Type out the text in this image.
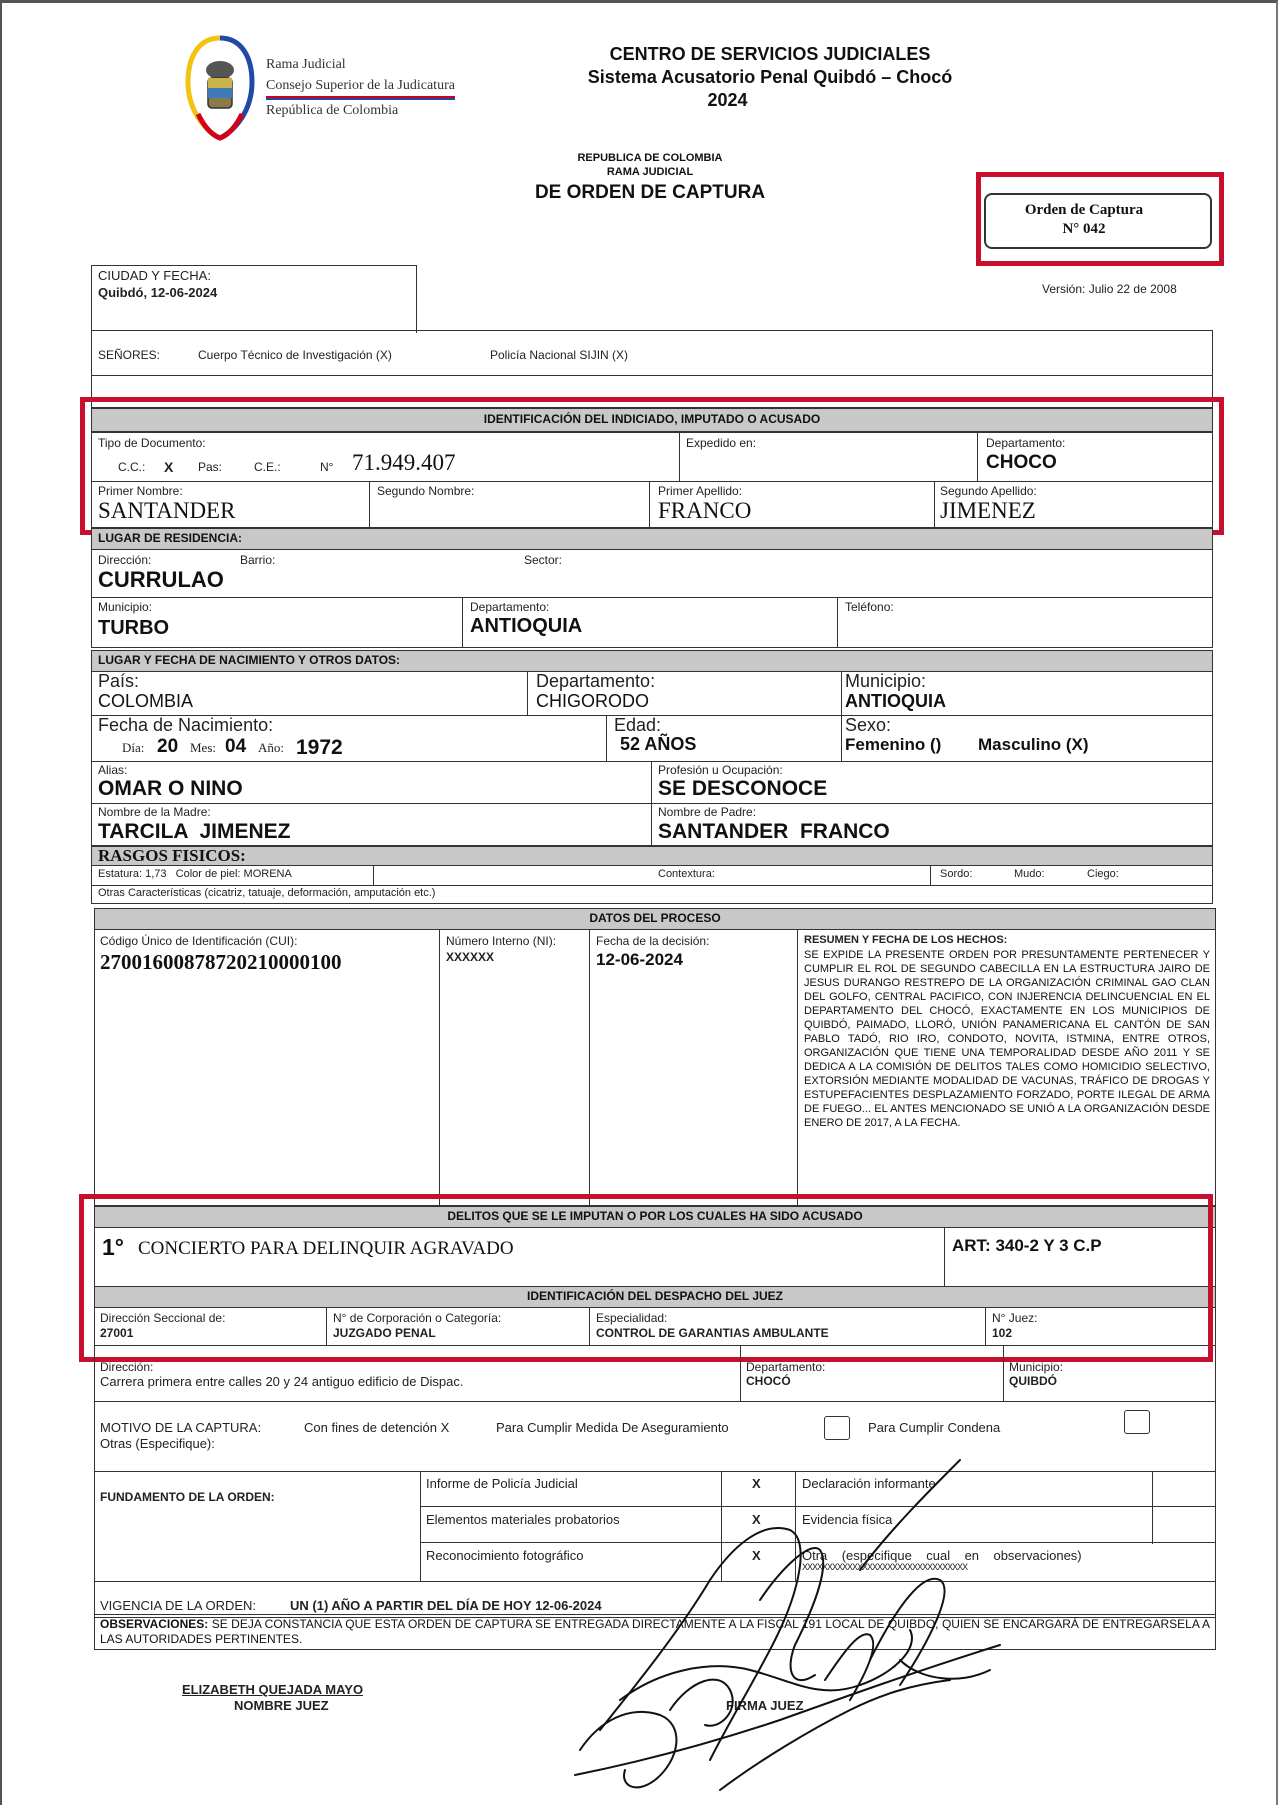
Rama Judicial
Consejo Superior de la Judicatura
República de Colombia
CENTRO DE SERVICIOS JUDICIALES
Sistema Acusatorio Penal Quibdó – Chocó
2024
REPUBLICA DE COLOMBIA
RAMA JUDICIAL
DE ORDEN DE CAPTURA
Orden de Captura
N° 042
Versión: Julio 22 de 2008
CIUDAD Y FECHA:
Quibdó, 12-06-2024
SEÑORES:	Cuerpo Técnico de Investigación (X)	Policía Nacional SIJIN (X)
IDENTIFICACIÓN DEL INDICIADO, IMPUTADO O ACUSADO
Tipo de Documento:
C.C.: X Pas:	C.E.:	N° 71.949.407
Expedido en:	Departamento:
CHOCO
Primer Nombre:
SANTANDER
Segundo Nombre:	Primer Apellido:
FRANCO
Segundo Apellido:
JIMENEZ
LUGAR DE RESIDENCIA:
Dirección:	Barrio:	Sector:
CURRULAO
Municipio:
TURBO
Departamento:
ANTIOQUIA
Teléfono:
LUGAR Y FECHA DE NACIMIENTO Y OTROS DATOS:
País:
COLOMBIA
Departamento:
CHIGORODO
Municipio:
ANTIOQUIA
Fecha de Nacimiento:
Día: 20 Mes: 04 Año: 1972
Edad:
52 AÑOS
Sexo:
Femenino () Masculino (X)
Alias:
OMAR O NINO
Profesión u Ocupación:
SE DESCONOCE
Nombre de la Madre:
TARCILA  JIMENEZ
Nombre de Padre:
SANTANDER  FRANCO
RASGOS FISICOS:
Estatura: 1,73   Color de piel: MORENA	Contextura:	Sordo:	Mudo:	Ciego:
Otras Características (cicatriz, tatuaje, deformación, amputación etc.)
DATOS DEL PROCESO
Código Único de Identificación (CUI):
27001600878720210000100
Número Interno (NI):
XXXXXX
Fecha de la decisión:
12-06-2024
RESUMEN Y FECHA DE LOS HECHOS:
SE EXPIDE LA PRESENTE ORDEN POR PRESUNTAMENTE PERTENECER Y CUMPLIR EL ROL DE SEGUNDO CABECILLA EN LA ESTRUCTURA JAIRO DE JESUS DURANGO RESTREPO DE LA ORGANIZACIÓN CRIMINAL GAO CLAN DEL GOLFO, CENTRAL PACIFICO, CON INJERENCIA DELINCUENCIAL EN EL DEPARTAMENTO DEL CHOCÓ, EXACTAMENTE EN LOS MUNICIPIOS DE QUIBDÓ, PAIMADO, LLORÓ, UNIÓN PANAMERICANA EL CANTÓN DE SAN PABLO TADÓ, RIO IRO, CONDOTO, NOVITA, ISTMINA, ENTRE OTROS, ORGANIZACIÓN QUE TIENE UNA TEMPORALIDAD DESDE AÑO 2011 Y SE DEDICA A LA COMISIÓN DE DELITOS TALES COMO HOMICIDIO SELECTIVO, EXTORSIÓN MEDIANTE MODALIDAD DE VACUNAS, TRÁFICO DE DROGAS Y ESTUPEFACIENTES DESPLAZAMIENTO FORZADO, PORTE ILEGAL DE ARMA DE FUEGO... EL ANTES MENCIONADO SE UNIÓ A LA ORGANIZACIÓN DESDE ENERO DE 2017, A LA FECHA.
DELITOS QUE SE LE IMPUTAN O POR LOS CUALES HA SIDO ACUSADO
1° CONCIERTO PARA DELINQUIR AGRAVADO	ART: 340-2 Y 3 C.P
IDENTIFICACIÓN DEL DESPACHO DEL JUEZ
Dirección Seccional de:
27001
N° de Corporación o Categoría:
JUZGADO PENAL
Especialidad:
CONTROL DE GARANTIAS AMBULANTE
N° Juez:
102
Dirección:
Carrera primera entre calles 20 y 24 antiguo edificio de Dispac.
Departamento:
CHOCÓ
Municipio:
QUIBDÓ
MOTIVO DE LA CAPTURA:	Con fines de detención X	Para Cumplir Medida De Aseguramiento	Para Cumplir Condena
Otras (Especifique):
FUNDAMENTO DE LA ORDEN:
Informe de Policía Judicial	X	Declaración informante
Elementos materiales probatorios	X	Evidencia física
Reconocimiento fotográfico	X	Otra    (especifique    cual    en    observaciones)
XXXXXXXXXXXXXXXXXXXXXXXXXXXXXXXXX
VIGENCIA DE LA ORDEN:	UN (1) AÑO A PARTIR DEL DÍA DE HOY 12-06-2024
OBSERVACIONES: SE DEJA CONSTANCIA QUE ESTA ORDEN DE CAPTURA SE ENTREGADA DIRECTAMENTE A LA FISCAL 191 LOCAL DE QUIBDO, QUIEN SE ENCARGARÁ DE ENTREGARSELA A LAS AUTORIDADES PERTINENTES.
ELIZABETH QUEJADA MAYO
NOMBRE JUEZ	FIRMA JUEZ
